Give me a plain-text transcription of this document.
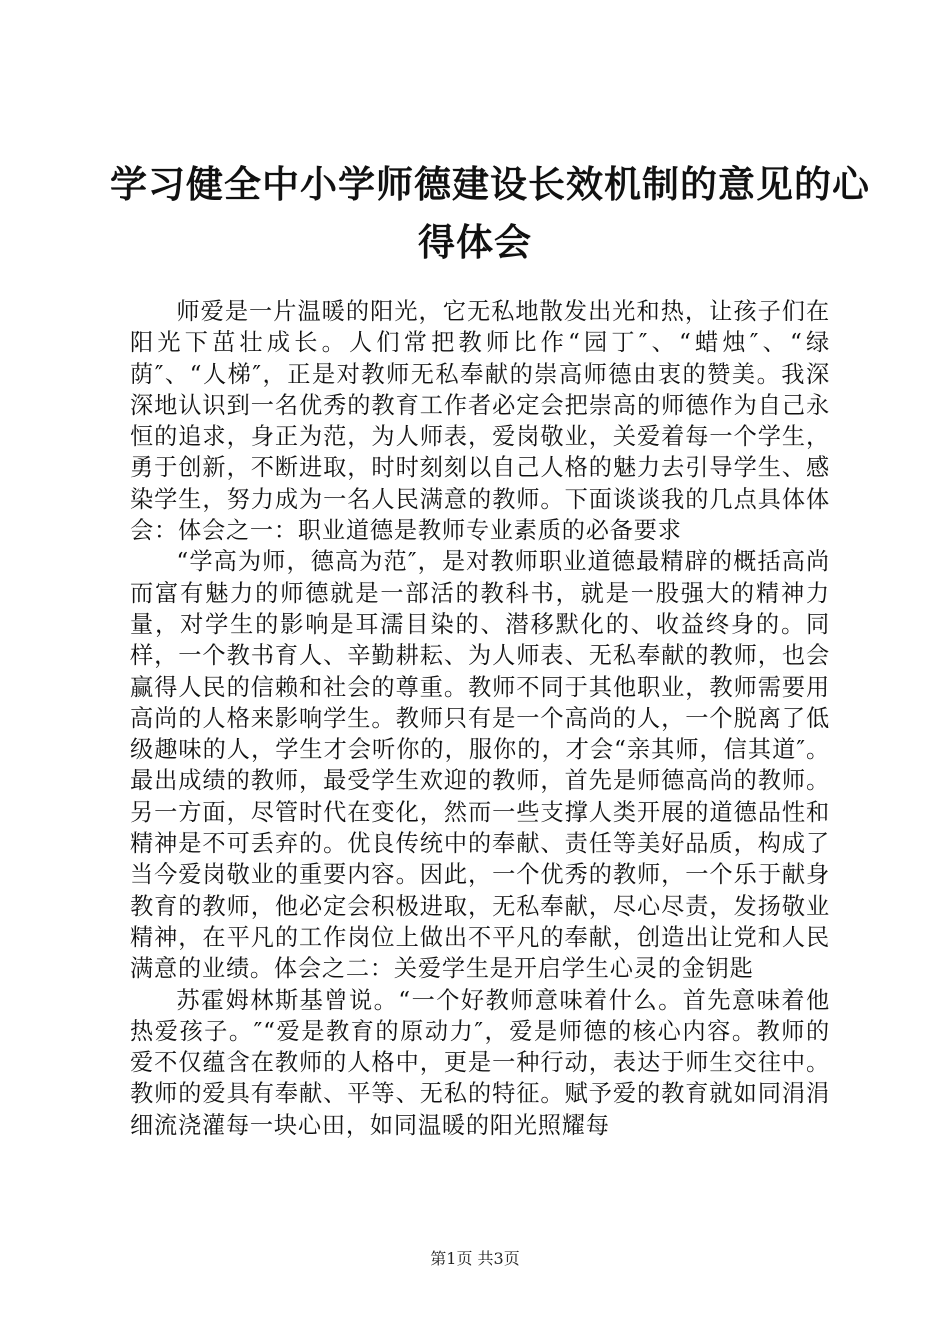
学习健全中小学师德建设长效机制的意见的心
得体会

师爱是一片温暖的阳光，它无私地散发出光和热，让孩子们在阳光下茁壮成长。人们常把教师比作“园丁″、“蜡烛″、“绿荫″、“人梯″，正是对教师无私奉献的崇高师德由衷的赞美。我深深地认识到一名优秀的教育工作者必定会把崇高的师德作为自己永恒的追求，身正为范，为人师表，爱岗敬业，关爱着每一个学生，勇于创新，不断进取，时时刻刻以自己人格的魅力去引导学生、感染学生，努力成为一名人民满意的教师。下面谈谈我的几点具体体会：体会之一：职业道德是教师专业素质的必备要求

“学高为师，德高为范″，是对教师职业道德最精辟的概括高尚而富有魅力的师德就是一部活的教科书，就是一股强大的精神力量，对学生的影响是耳濡目染的、潜移默化的、收益终身的。同样，一个教书育人、辛勤耕耘、为人师表、无私奉献的教师，也会赢得人民的信赖和社会的尊重。教师不同于其他职业，教师需要用高尚的人格来影响学生。教师只有是一个高尚的人，一个脱离了低级趣味的人，学生才会听你的，服你的，才会“亲其师，信其道″。最出成绩的教师，最受学生欢迎的教师，首先是师德高尚的教师。另一方面，尽管时代在变化，然而一些支撑人类开展的道德品性和精神是不可丢弃的。优良传统中的奉献、责任等美好品质，构成了当今爱岗敬业的重要内容。因此，一个优秀的教师，一个乐于献身教育的教师，他必定会积极进取，无私奉献，尽心尽责，发扬敬业精神，在平凡的工作岗位上做出不平凡的奉献，创造出让党和人民满意的业绩。体会之二：关爱学生是开启学生心灵的金钥匙

苏霍姆林斯基曾说。“一个好教师意味着什么。首先意味着他热爱孩子。″“爱是教育的原动力″，爱是师德的核心内容。教师的爱不仅蕴含在教师的人格中，更是一种行动，表达于师生交往中。教师的爱具有奉献、平等、无私的特征。赋予爱的教育就如同涓涓细流浇灌每一块心田，如同温暖的阳光照耀每

第1页 共3页
